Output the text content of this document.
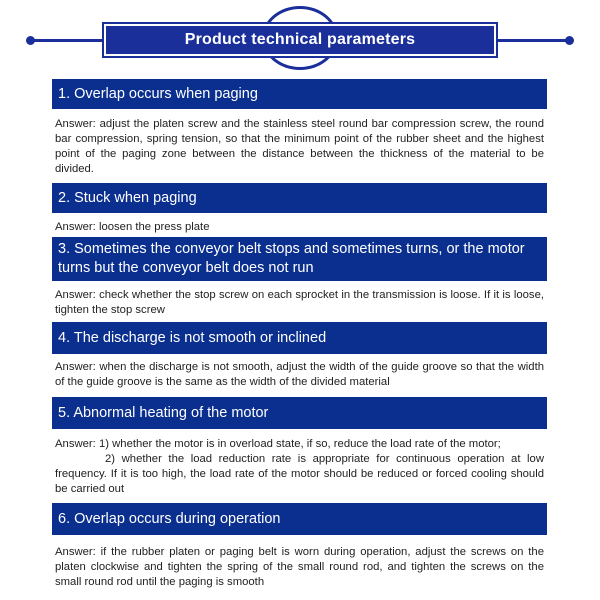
Product technical parameters
1. Overlap occurs when paging

Answer: adjust the platen screw and the stainless steel round bar compression screw, the round bar compression, spring tension, so that the minimum point of the rubber sheet and the highest point of the paging zone between the distance between the thickness of the material to be divided.

2. Stuck when paging

Answer: loosen the press plate

3. Sometimes the conveyor belt stops and sometimes turns, or the motor turns but the conveyor belt does not run

Answer: check whether the stop screw on each sprocket in the transmission is loose. If it is loose, tighten the stop screw

4. The discharge is not smooth or inclined

Answer: when the discharge is not smooth, adjust the width of the guide groove so that the width of the guide groove is the same as the width of the divided material

5. Abnormal heating of the motor

Answer: 1) whether the motor is in overload state, if so, reduce the load rate of the motor;

2) whether the load reduction rate is appropriate for continuous operation at low frequency. If it is too high, the load rate of the motor should be reduced or forced cooling should be carried out

6. Overlap occurs during operation

Answer: if the rubber platen or paging belt is worn during operation, adjust the screws on the platen clockwise and tighten the spring of the small round rod, and tighten the screws on the small round rod until the paging is smooth
